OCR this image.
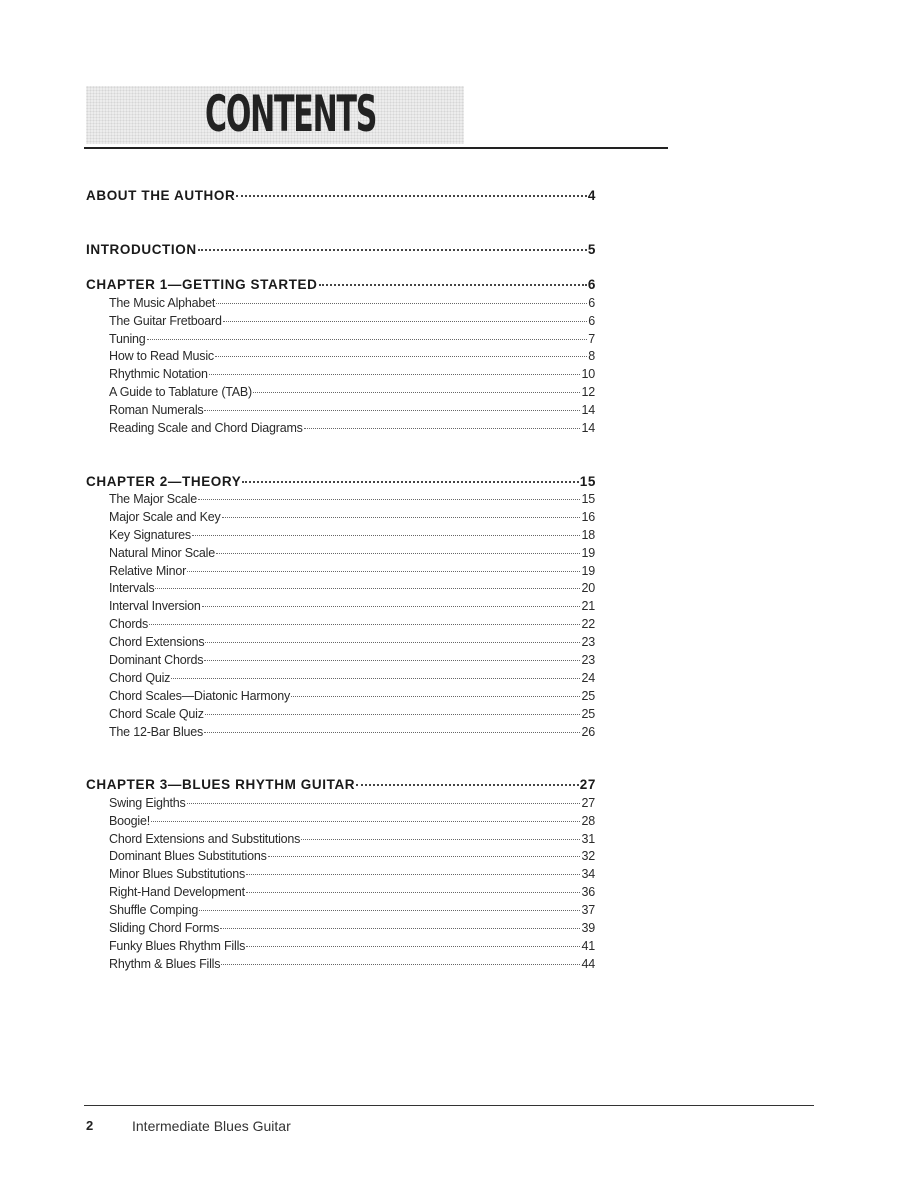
CONTENTS
ABOUT THE AUTHOR	4
INTRODUCTION	5
CHAPTER 1—GETTING STARTED	6
The Music Alphabet	6
The Guitar Fretboard	6
Tuning	7
How to Read Music	8
Rhythmic Notation	10
A Guide to Tablature (TAB)	12
Roman Numerals	14
Reading Scale and Chord Diagrams	14
CHAPTER 2—THEORY	15
The Major Scale	15
Major Scale and Key	16
Key Signatures	18
Natural Minor Scale	19
Relative Minor	19
Intervals	20
Interval Inversion	21
Chords	22
Chord Extensions	23
Dominant Chords	23
Chord Quiz	24
Chord Scales—Diatonic Harmony	25
Chord Scale Quiz	25
The 12-Bar Blues	26
CHAPTER 3—BLUES RHYTHM GUITAR	27
Swing Eighths	27
Boogie!	28
Chord Extensions and Substitutions	31
Dominant Blues Substitutions	32
Minor Blues Substitutions	34
Right-Hand Development	36
Shuffle Comping	37
Sliding Chord Forms	39
Funky Blues Rhythm Fills	41
Rhythm & Blues Fills	44
2	Intermediate Blues Guitar
